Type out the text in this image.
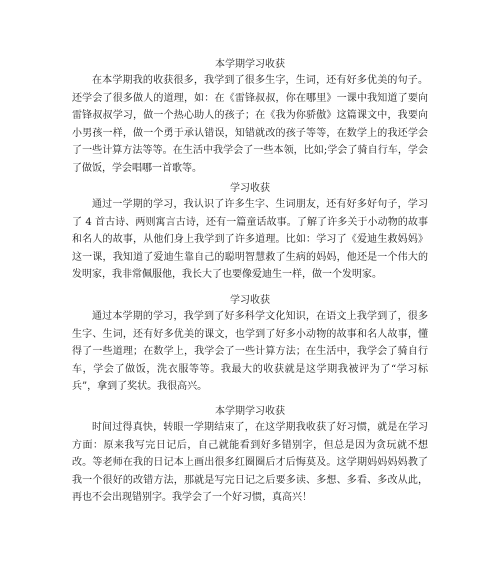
本学期学习收获

在本学期我的收获很多，我学到了很多生字，生词，还有好多优美的句子。还学会了很多做人的道理，如：在《雷锋叔叔，你在哪里》一课中我知道了要向雷锋叔叔学习，做一个热心助人的孩子；在《我为你骄傲》这篇课文中，我要向小男孩一样，做一个勇于承认错误，知错就改的孩子等等，在数学上的我还学会了一些计算方法等等。在生活中我学会了一些本领，比如;学会了骑自行车，学会了做饭，学会唱哪一首歌等。

学习收获

通过一学期的学习，我认识了许多生字、生词朋友，还有好多好句子，学习了 4 首古诗、两则寓言古诗，还有一篇童话故事。了解了许多关于小动物的故事和名人的故事，从他们身上我学到了许多道理。比如：学习了《爱迪生救妈妈》这一课，我知道了爱迪生靠自己的聪明智慧救了生病的妈妈，他还是一个伟大的发明家，我非常佩服他，我长大了也要像爱迪生一样，做一个发明家。

学习收获

通过本学期的学习，我学到了好多科学文化知识，在语文上我学到了，很多生字、生词，还有好多优美的课文，也学到了好多小动物的故事和名人故事，懂得了一些道理；在数学上，我学会了一些计算方法；在生活中，我学会了骑自行车，学会了做饭，洗衣服等等。我最大的收获就是这学期我被评为了“学习标兵”，拿到了奖状。我很高兴。

本学期学习收获

时间过得真快，转眼一学期结束了，在这学期我收获了好习惯，就是在学习方面：原来我写完日记后，自己就能看到好多错别字，但总是因为贪玩就不想改。等老师在我的日记本上画出很多红圈圈后才后悔莫及。这学期妈妈妈妈教了我一个很好的改错方法，那就是写完日记之后要多读、多想、多看、多改从此，再也不会出现错别字。我学会了一个好习惯，真高兴！
